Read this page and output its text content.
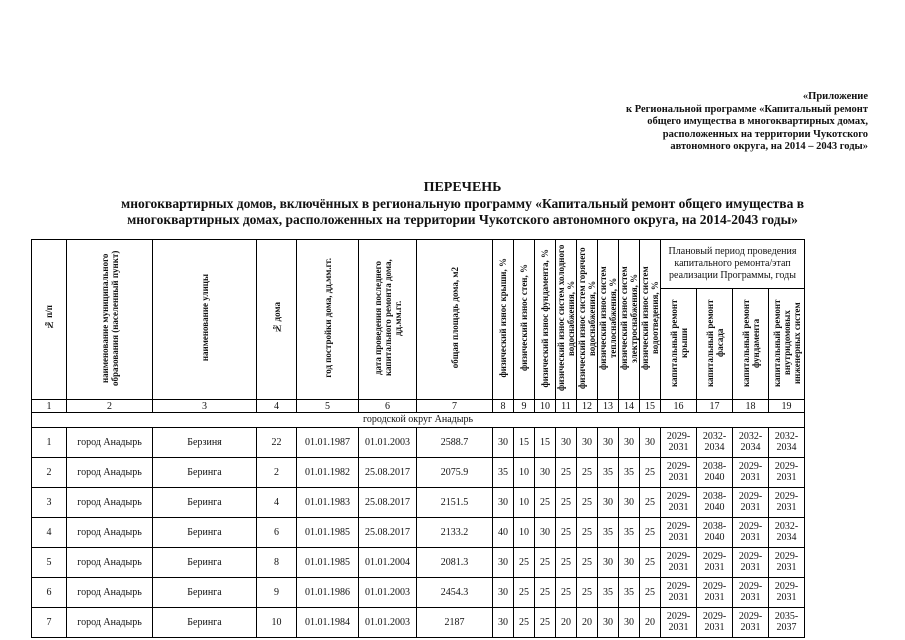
«Приложение
к Региональной программе «Капитальный ремонт
общего имущества в многоквартирных домах,
расположенных на территории Чукотского
автономного округа, на 2014 – 2043 годы»
ПЕРЕЧЕНЬ
многоквартирных домов, включённых в региональную программу «Капитальный ремонт общего имущества в
многоквартирных домах, расположенных на территории Чукотского автономного округа, на 2014-2043 годы»
№ п/п	наименование муниципального образования (населенный пункт)	наименование улицы	№ дома	год постройки дома, дд.мм.гг.	дата проведения последнего капитального ремонта дома, дд.мм.гг.	общая площадь дома, м2	физический износ крыши, %	физический износ стен, %	физический износ фундамента, %	физический износ систем холодного водоснабжения, %	физический износ систем горячего водоснабжения, %	физический износ систем теплоснабжения, %	физический износ систем электроснабжения, %	физический износ систем водоотведения, %	Плановый период проведения капитального ремонта/этап реализации Программы, годы			
															капитальный ремонт крыши	капитальный ремонт фасада	капитальный ремонт фундамента	капитальный ремонт внутридомовых инженерных систем
1	2	3	4	5	6	7	8	9	10	11	12	13	14	15	16	17	18	19
городской округ Анадырь																		
1	город Анадырь	Берзиня	22	01.01.1987	01.01.2003	2588.7	30	15	15	30	30	30	30	30	2029-2031	2032-2034	2032-2034	2032-2034
2	город Анадырь	Беринга	2	01.01.1982	25.08.2017	2075.9	35	10	30	25	25	35	35	25	2029-2031	2038-2040	2029-2031	2029-2031
3	город Анадырь	Беринга	4	01.01.1983	25.08.2017	2151.5	30	10	25	25	25	30	30	25	2029-2031	2038-2040	2029-2031	2029-2031
4	город Анадырь	Беринга	6	01.01.1985	25.08.2017	2133.2	40	10	30	25	25	35	35	25	2029-2031	2038-2040	2029-2031	2032-2034
5	город Анадырь	Беринга	8	01.01.1985	01.01.2004	2081.3	30	25	25	25	25	30	30	25	2029-2031	2029-2031	2029-2031	2029-2031
6	город Анадырь	Беринга	9	01.01.1986	01.01.2003	2454.3	30	25	25	25	25	35	35	25	2029-2031	2029-2031	2029-2031	2029-2031
7	город Анадырь	Беринга	10	01.01.1984	01.01.2003	2187	30	25	25	20	20	30	30	20	2029-2031	2029-2031	2029-2031	2035-2037
